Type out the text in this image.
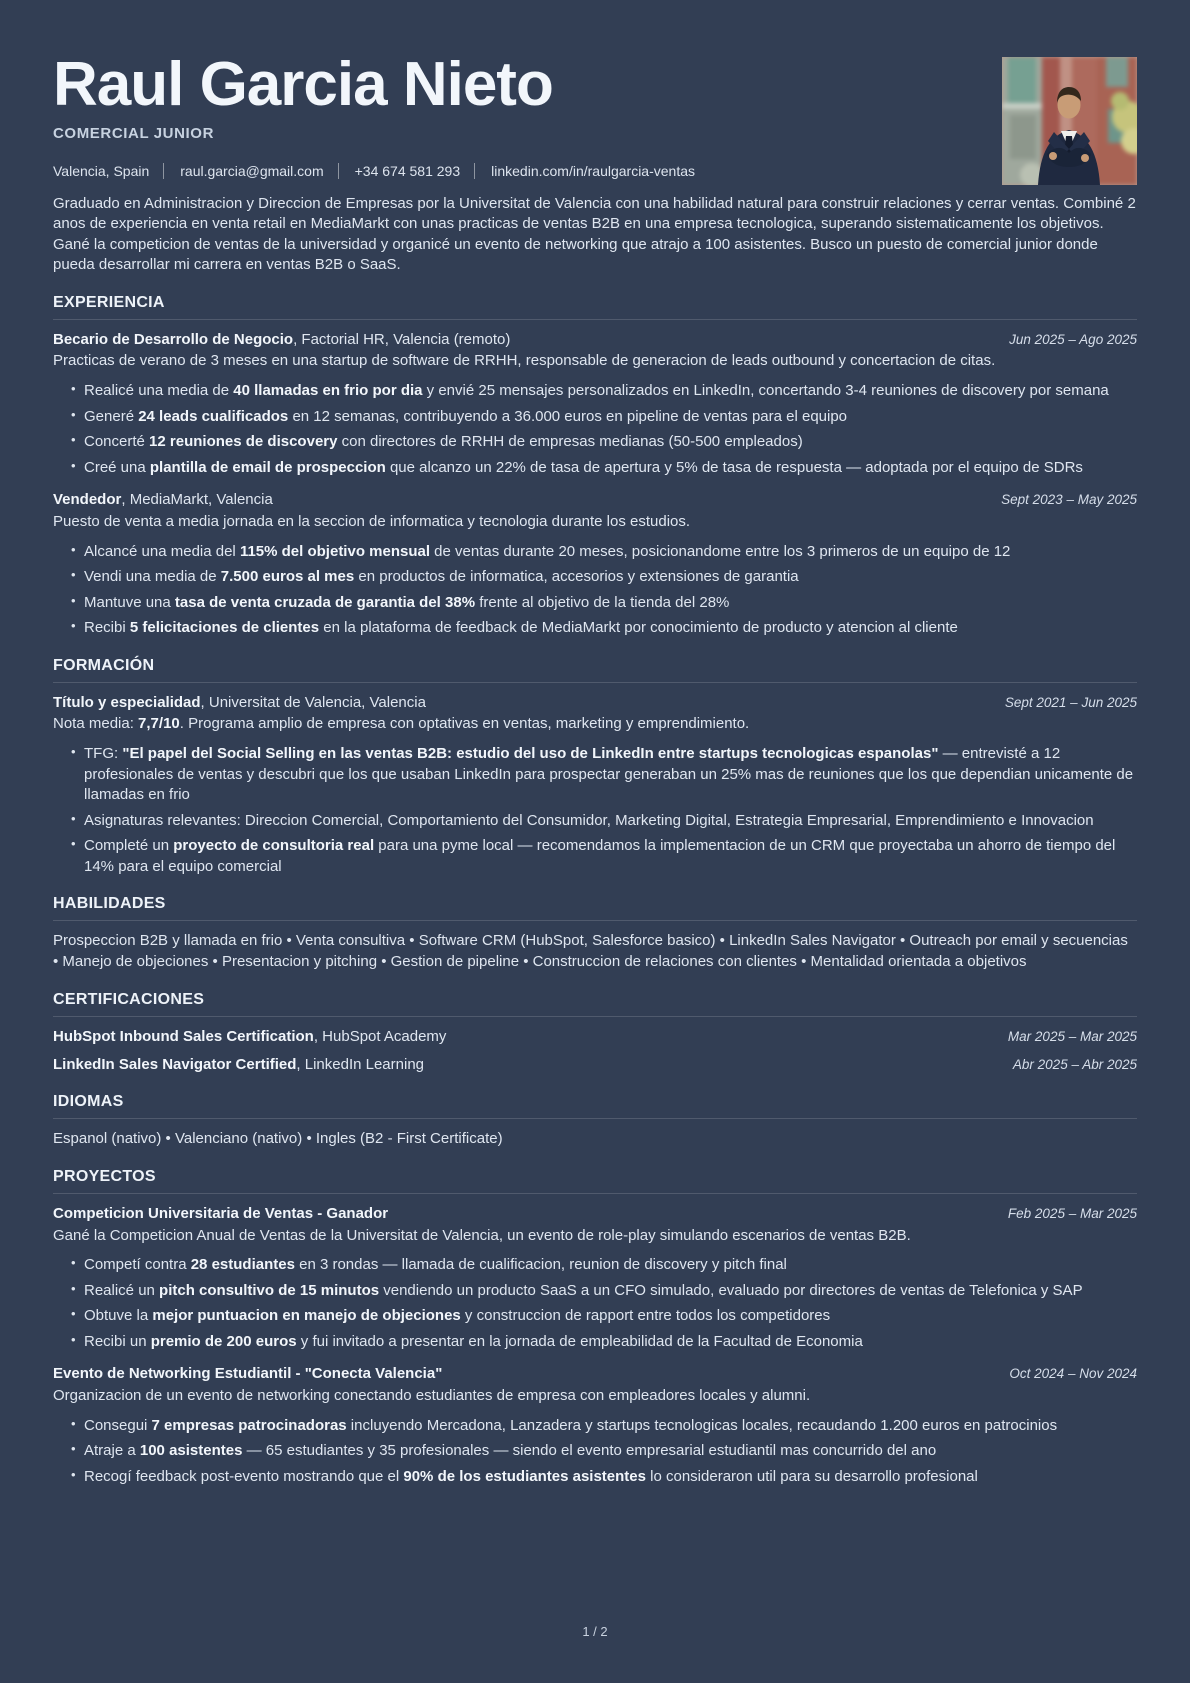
Raul Garcia Nieto
COMERCIAL JUNIOR
Valencia, Spain raul.garcia@gmail.com +34 674 581 293 linkedin.com/in/raulgarcia-ventas

Graduado en Administracion y Direccion de Empresas por la Universitat de Valencia con una habilidad natural para construir relaciones y cerrar ventas. Combiné 2 anos de experiencia en venta retail en MediaMarkt con unas practicas de ventas B2B en una empresa tecnologica, superando sistematicamente los objetivos. Gané la competicion de ventas de la universidad y organicé un evento de networking que atrajo a 100 asistentes. Busco un puesto de comercial junior donde pueda desarrollar mi carrera en ventas B2B o SaaS.

EXPERIENCIA
Becario de Desarrollo de Negocio, Factorial HR, Valencia (remoto)	Jun 2025 – Ago 2025

Practicas de verano de 3 meses en una startup de software de RRHH, responsable de generacion de leads outbound y concertacion de citas.

• Realicé una media de 40 llamadas en frio por dia y envié 25 mensajes personalizados en LinkedIn, concertando 3-4 reuniones de discovery por semana
• Generé 24 leads cualificados en 12 semanas, contribuyendo a 36.000 euros en pipeline de ventas para el equipo
• Concerté 12 reuniones de discovery con directores de RRHH de empresas medianas (50-500 empleados)
• Creé una plantilla de email de prospeccion que alcanzo un 22% de tasa de apertura y 5% de tasa de respuesta — adoptada por el equipo de SDRs
Vendedor, MediaMarkt, Valencia	Sept 2023 – May 2025

Puesto de venta a media jornada en la seccion de informatica y tecnologia durante los estudios.

• Alcancé una media del 115% del objetivo mensual de ventas durante 20 meses, posicionandome entre los 3 primeros de un equipo de 12
• Vendi una media de 7.500 euros al mes en productos de informatica, accesorios y extensiones de garantia
• Mantuve una tasa de venta cruzada de garantia del 38% frente al objetivo de la tienda del 28%
• Recibi 5 felicitaciones de clientes en la plataforma de feedback de MediaMarkt por conocimiento de producto y atencion al cliente
FORMACIÓN
Título y especialidad, Universitat de Valencia, Valencia	Sept 2021 – Jun 2025

Nota media: 7,7/10. Programa amplio de empresa con optativas en ventas, marketing y emprendimiento.

• TFG: "El papel del Social Selling en las ventas B2B: estudio del uso de LinkedIn entre startups tecnologicas espanolas" — entrevisté a 12 profesionales de ventas y descubri que los que usaban LinkedIn para prospectar generaban un 25% mas de reuniones que los que dependian unicamente de llamadas en frio
• Asignaturas relevantes: Direccion Comercial, Comportamiento del Consumidor, Marketing Digital, Estrategia Empresarial, Emprendimiento e Innovacion
• Completé un proyecto de consultoria real para una pyme local — recomendamos la implementacion de un CRM que proyectaba un ahorro de tiempo del 14% para el equipo comercial
HABILIDADES

Prospeccion B2B y llamada en frio • Venta consultiva • Software CRM (HubSpot, Salesforce basico) • LinkedIn Sales Navigator • Outreach por email y secuencias • Manejo de objeciones • Presentacion y pitching • Gestion de pipeline • Construccion de relaciones con clientes • Mentalidad orientada a objetivos

CERTIFICACIONES
HubSpot Inbound Sales Certification, HubSpot Academy	Mar 2025 – Mar 2025
LinkedIn Sales Navigator Certified, LinkedIn Learning	Abr 2025 – Abr 2025
IDIOMAS

Espanol (nativo) • Valenciano (nativo) • Ingles (B2 - First Certificate)

PROYECTOS
Competicion Universitaria de Ventas - Ganador	Feb 2025 – Mar 2025

Gané la Competicion Anual de Ventas de la Universitat de Valencia, un evento de role-play simulando escenarios de ventas B2B.

• Competí contra 28 estudiantes en 3 rondas — llamada de cualificacion, reunion de discovery y pitch final
• Realicé un pitch consultivo de 15 minutos vendiendo un producto SaaS a un CFO simulado, evaluado por directores de ventas de Telefonica y SAP
• Obtuve la mejor puntuacion en manejo de objeciones y construccion de rapport entre todos los competidores
• Recibi un premio de 200 euros y fui invitado a presentar en la jornada de empleabilidad de la Facultad de Economia
Evento de Networking Estudiantil - "Conecta Valencia"	Oct 2024 – Nov 2024

Organizacion de un evento de networking conectando estudiantes de empresa con empleadores locales y alumni.

• Consegui 7 empresas patrocinadoras incluyendo Mercadona, Lanzadera y startups tecnologicas locales, recaudando 1.200 euros en patrocinios
• Atraje a 100 asistentes — 65 estudiantes y 35 profesionales — siendo el evento empresarial estudiantil mas concurrido del ano
• Recogí feedback post-evento mostrando que el 90% de los estudiantes asistentes lo consideraron util para su desarrollo profesional
1 / 2
